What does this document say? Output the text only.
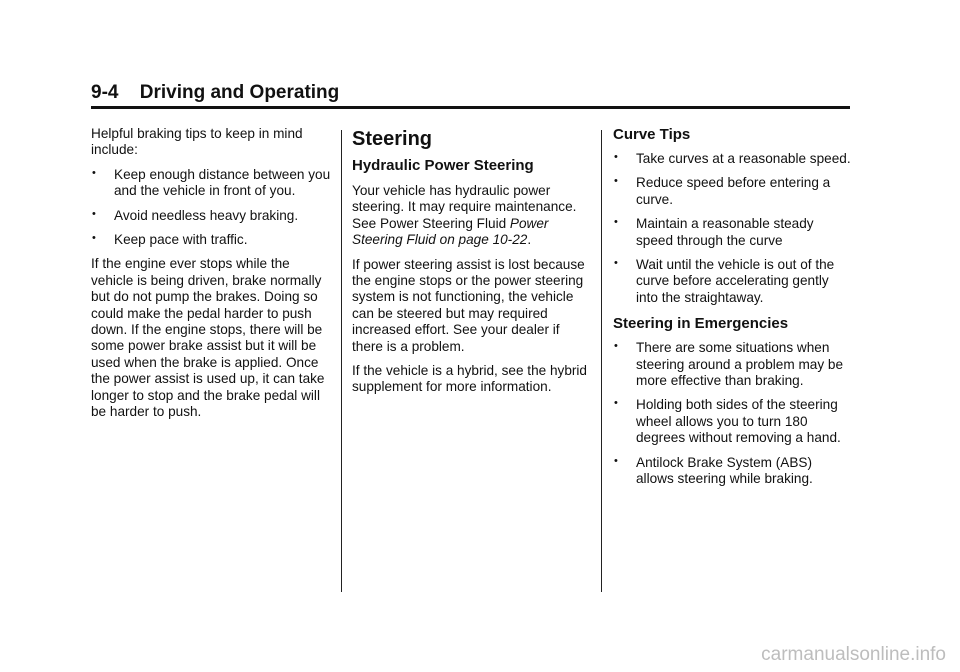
9-4 Driving and Operating

Helpful braking tips to keep in mind include:

• Keep enough distance between you and the vehicle in front of you.
• Avoid needless heavy braking.
• Keep pace with traffic.

If the engine ever stops while the vehicle is being driven, brake normally but do not pump the brakes. Doing so could make the pedal harder to push down. If the engine stops, there will be some power brake assist but it will be used when the brake is applied. Once the power assist is used up, it can take longer to stop and the brake pedal will be harder to push.

Steering
Hydraulic Power Steering

Your vehicle has hydraulic power steering. It may require maintenance. See Power Steering Fluid Power Steering Fluid on page 10-22.

If power steering assist is lost because the engine stops or the power steering system is not functioning, the vehicle can be steered but may required increased effort. See your dealer if there is a problem.

If the vehicle is a hybrid, see the hybrid supplement for more information.

Curve Tips
• Take curves at a reasonable speed.
• Reduce speed before entering a curve.
• Maintain a reasonable steady speed through the curve
• Wait until the vehicle is out of the curve before accelerating gently into the straightaway.
Steering in Emergencies
• There are some situations when steering around a problem may be more effective than braking.
• Holding both sides of the steering wheel allows you to turn 180 degrees without removing a hand.
• Antilock Brake System (ABS) allows steering while braking.
carmanualsonline.info
